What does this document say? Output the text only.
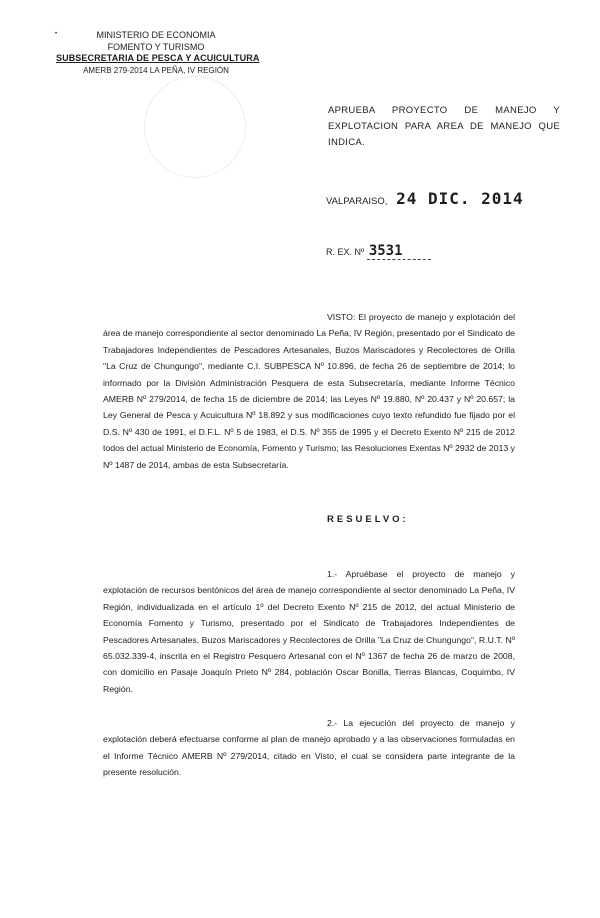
•	MINISTERIO DE ECONOMIA
FOMENTO Y TURISMO
SUBSECRETARIA DE PESCA Y ACUICULTURA
AMERB 279-2014 LA PEÑA, IV REGIÓN
APRUEBA PROYECTO DE MANEJO Y EXPLOTACION PARA AREA DE MANEJO QUE INDICA.
VALPARAISO, 24 DIC. 2014
R. EX. Nº 3531
VISTO: El proyecto de manejo y explotación del área de manejo correspondiente al sector denominado La Peña, IV Región, presentado por el Sindicato de Trabajadores Independientes de Pescadores Artesanales, Buzos Mariscadores y Recolectores de Orilla "La Cruz de Chungungo", mediante C.I. SUBPESCA Nº 10.896, de fecha 26 de septiembre de 2014; lo informado por la División Administración Pesquera de esta Subsecretaría, mediante Informe Técnico AMERB Nº 279/2014, de fecha 15 de diciembre de 2014; las Leyes Nº 19.880, Nº 20.437 y Nº 20.657; la Ley General de Pesca y Acuicultura Nº 18.892 y sus modificaciones cuyo texto refundido fue fijado por el D.S. Nº 430 de 1991, el D.F.L. Nº 5 de 1983, el D.S. Nº 355 de 1995 y el Decreto Exento Nº 215 de 2012 todos del actual Ministerio de Economía, Fomento y Turismo; las Resoluciones Exentas Nº 2932 de 2013 y Nº 1487 de 2014, ambas de esta Subsecretaría.
RESUELVO:
1.- Apruébase el proyecto de manejo y explotación de recursos bentónicos del área de manejo correspondiente al sector denominado La Peña, IV Región, individualizada en el artículo 1º del Decreto Exento Nº 215 de 2012, del actual Ministerio de Economía Fomento y Turismo, presentado por el Sindicato de Trabajadores Independientes de Pescadores Artesanales, Buzos Mariscadores y Recolectores de Orilla "La Cruz de Chungungo", R.U.T. Nº 65.032.339-4, inscrita en el Registro Pesquero Artesanal con el Nº 1367 de fecha 26 de marzo de 2008, con domicilio en Pasaje Joaquín Prieto Nº 284, población Oscar Bonilla, Tierras Blancas, Coquimbo, IV Región.
2.- La ejecución del proyecto de manejo y explotación deberá efectuarse conforme al plan de manejo aprobado y a las observaciones formuladas en el Informe Técnico AMERB Nº 279/2014, citado en Visto, el cual se considera parte integrante de la presente resolución.
